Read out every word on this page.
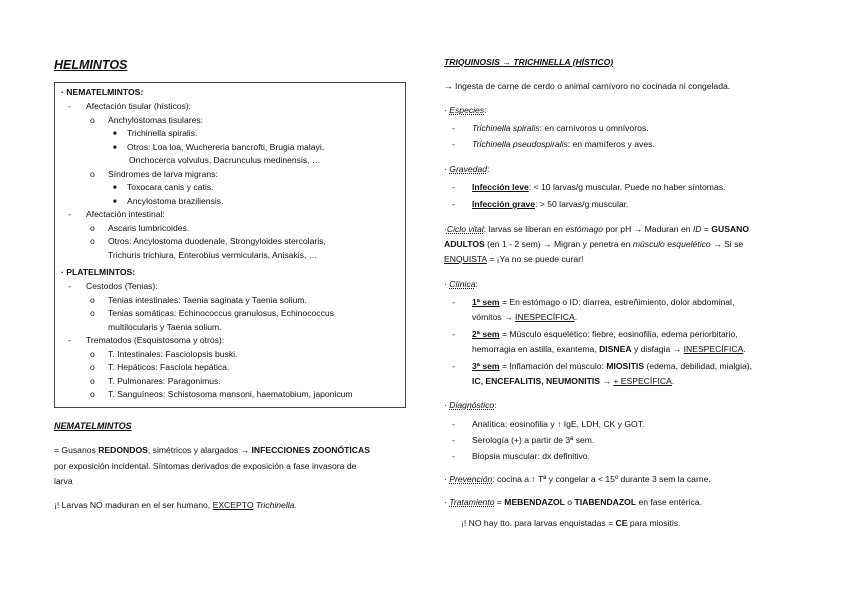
HELMINTOS
· NEMATELMINTOS:
- Afectación tisular (hísticos):
o Anchylostomas tisulares:
■ Trichinella spiralis.
■ Otros: Loa loa, Wuchereria bancrofti, Brugia malayi,
Onchocerca volvulus, Dacrunculus medinensis, …
o Síndromes de larva migrans:
■ Toxocara canis y catis.
■ Ancylostoma braziliensis.
- Afectación intestinal:
o Ascaris lumbricoides.
o Otros: Ancylostoma duodenale, Strongyloides stercolaris,
Trichuris trichiura, Enterobius vermicularis, Anisakis, …
· PLATELMINTOS:
- Cestodos (Tenias):
o Tenias intestinales: Taenia saginata y Taenia solium.
o Tenias somáticas: Echinococcus granulosus, Echinococcus
multilocularis y Taenia solium.
- Trematodos (Esquistosoma y otros):
o T. Intestinales: Fasciolopsis buski.
o T. Hepáticos: Fasciola hepática.
o T. Pulmonares: Paragonimus.
o T. Sanguíneos: Schistosoma mansoni, haematobium, japonicum
NEMATELMINTOS
= Gusanos REDONDOS, simétricos y alargados → INFECCIONES ZOONÓTICAS
por exposición incidental. Síntomas derivados de exposición a fase invasora de
larva
¡! Larvas NO maduran en el ser humano, EXCEPTO Trichinella.
TRIQUINOSIS → TRICHINELLA (HÍSTICO)
→ Ingesta de carne de cerdo o animal carnívoro no cocinada ni congelada.
· Especies:
- Trichinella spiralis: en carnívoros u omnívoros.
- Trichinella pseudospiralis: en mamíferos y aves.
· Gravedad:
- Infección leve: < 10 larvas/g muscular. Puede no haber síntomas.
- Infección grave: > 50 larvas/g muscular.
·Ciclo vital: larvas se liberan en estómago por pH → Maduran en ID = GUSANO
ADULTOS (en 1 - 2 sem) → Migran y penetra en músculo esquelético → Si se
ENQUISTA = ¡Ya no se puede curar!
· Clínica:
- 1ª sem = En estómago o ID: diarrea, estreñimiento, dolor abdominal,
vómitos → INESPECÍFICA.
- 2ª sem = Músculo esquelético: fiebre, eosinofilia, edema periorbitario,
hemorragia en astilla, exantema, DISNEA y disfagia → INESPECÍFICA.
- 3ª sem = Inflamación del músculo: MIOSITIS (edema, debilidad, mialgia),
IC, ENCEFALITIS, NEUMONITIS → + ESPECÍFICA.
· Diagnóstico:
- Analítica: eosinofilia y ↑ IgE, LDH, CK y GOT.
- Serología (+) a partir de 3ª sem.
- Biopsia muscular: dx definitivo.
· Prevención: cocina a ↑ Tª y congelar a < 15º durante 3 sem la carne.
· Tratamiento = MEBENDAZOL o TIABENDAZOL en fase entérica.
¡! NO hay tto. para larvas enquistadas = CE para miositis.
